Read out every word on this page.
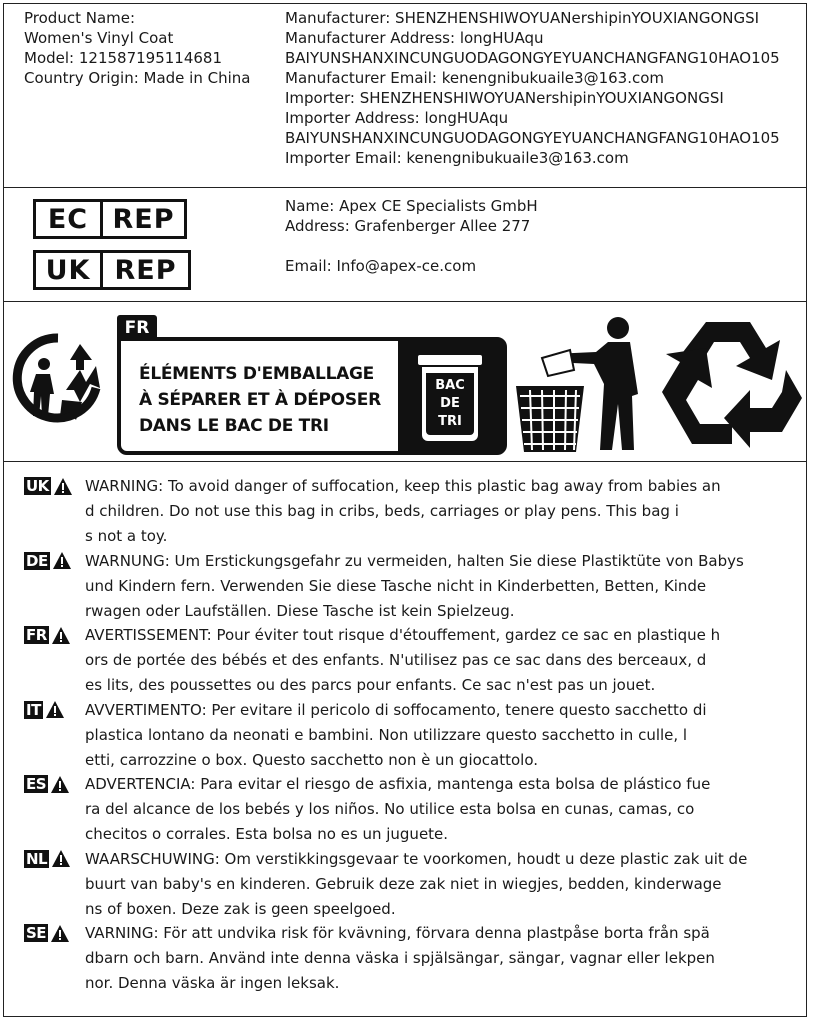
Product Name:
Women's Vinyl Coat
Model: 121587195114681
Country Origin: Made in China
Manufacturer: SHENZHENSHIWOYUANershipinYOUXIANGONGSI
Manufacturer Address: longHUAqu
BAIYUNSHANXINCUNGUODAGONGYEYUANCHANGFANG10HAO105
Manufacturer Email: kenengnibukuaile3@163.com
Importer: SHENZHENSHIWOYUANershipinYOUXIANGONGSI
Importer Address: longHUAqu
BAIYUNSHANXINCUNGUODAGONGYEYUANCHANGFANG10HAO105
Importer Email: kenengnibukuaile3@163.com
EC REP
UK REP
Name: Apex CE Specialists GmbH
Address: Grafenberger Allee 277
Email: Info@apex-ce.com
FR
ÉLÉMENTS D'EMBALLAGE
À SÉPARER ET À DÉPOSER
DANS LE BAC DE TRI
BAC
DE
TRI
UK WARNING: To avoid danger of suffocation, keep this plastic bag away from babies an
d children. Do not use this bag in cribs, beds, carriages or play pens. This bag i
s not a toy.
DE WARNUNG: Um Erstickungsgefahr zu vermeiden, halten Sie diese Plastiktüte von Babys
und Kindern fern. Verwenden Sie diese Tasche nicht in Kinderbetten, Betten, Kinde
rwagen oder Laufställen. Diese Tasche ist kein Spielzeug.
FR	AVERTISSEMENT: Pour éviter tout risque d'étouffement, gardez ce sac en plastique h
ors de portée des bébés et des enfants. N'utilisez pas ce sac dans des berceaux, d
es lits, des poussettes ou des parcs pour enfants. Ce sac n'est pas un jouet.
IT	AVVERTIMENTO: Per evitare il pericolo di soffocamento, tenere questo sacchetto di
plastica lontano da neonati e bambini. Non utilizzare questo sacchetto in culle, l
etti, carrozzine o box. Questo sacchetto non è un giocattolo.
ES	ADVERTENCIA: Para evitar el riesgo de asfixia, mantenga esta bolsa de plástico fue
ra del alcance de los bebés y los niños. No utilice esta bolsa en cunas, camas, co
checitos o corrales. Esta bolsa no es un juguete.
NL	WAARSCHUWING: Om verstikkingsgevaar te voorkomen, houdt u deze plastic zak uit de
buurt van baby's en kinderen. Gebruik deze zak niet in wiegjes, bedden, kinderwage
ns of boxen. Deze zak is geen speelgoed.
SE	VARNING: För att undvika risk för kvävning, förvara denna plastpåse borta från spä
dbarn och barn. Använd inte denna väska i spjälsängar, sängar, vagnar eller lekpen
nor. Denna väska är ingen leksak.
